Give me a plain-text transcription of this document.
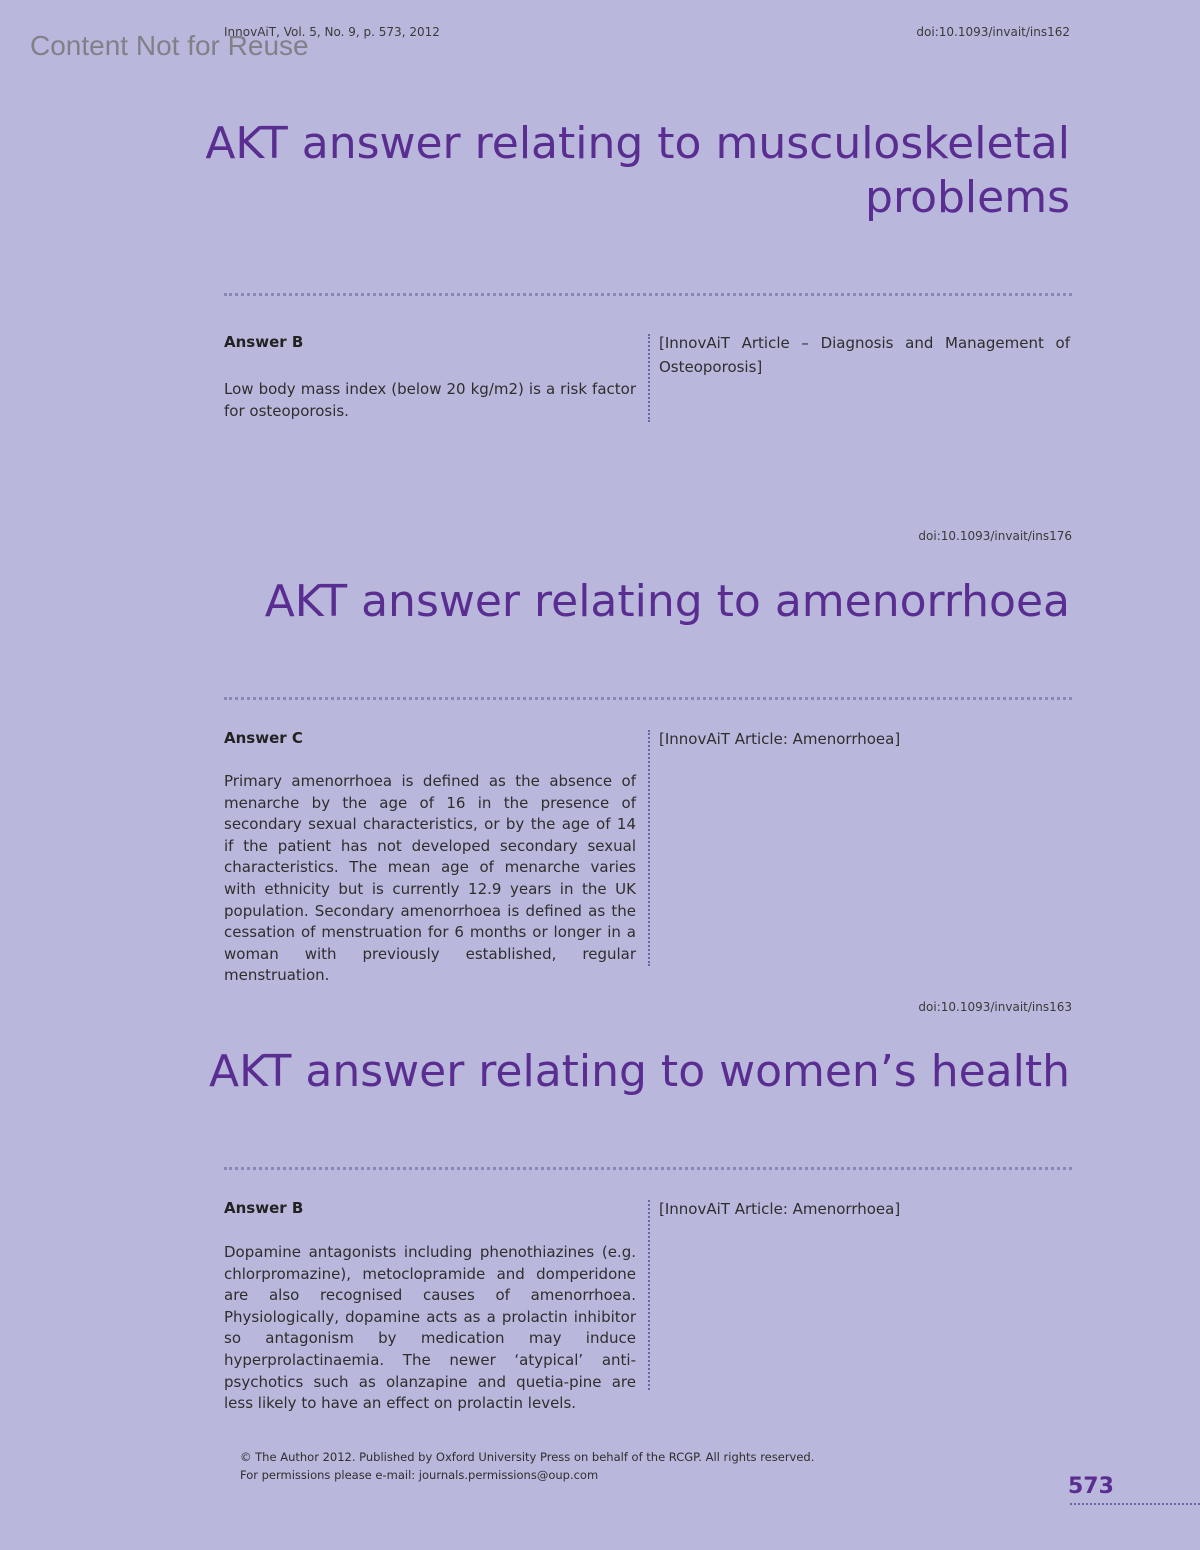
Content Not for Reuse
InnovAiT, Vol. 5, No. 9, p. 573, 2012	doi:10.1093/invait/ins162
AKT answer relating to musculoskeletal
problems
Answer B
Low body mass index (below 20 kg/m2) is a risk factor for osteoporosis.
[InnovAiT Article – Diagnosis and Management of Osteoporosis]
doi:10.1093/invait/ins176
AKT answer relating to amenorrhoea
Answer C
Primary amenorrhoea is defined as the absence of menarche by the age of 16 in the presence of secondary sexual characteristics, or by the age of 14 if the patient has not developed secondary sexual characteristics. The mean age of menarche varies with ethnicity but is currently 12.9 years in the UK population. Secondary amenorrhoea is defined as the cessation of menstruation for 6 months or longer in a woman with previously established, regular menstruation.
[InnovAiT Article: Amenorrhoea]
doi:10.1093/invait/ins163
AKT answer relating to women’s health
Answer B
Dopamine antagonists including phenothiazines (e.g. chlorpromazine), metoclopramide and domperidone are also recognised causes of amenorrhoea. Physiologically, dopamine acts as a prolactin inhibitor so antagonism by medication may induce hyperprolactinaemia. The newer ‘atypical’ anti-psychotics such as olanzapine and quetia-pine are less likely to have an effect on prolactin levels.
[InnovAiT Article: Amenorrhoea]
© The Author 2012. Published by Oxford University Press on behalf of the RCGP. All rights reserved.
For permissions please e-mail: journals.permissions@oup.com	573
